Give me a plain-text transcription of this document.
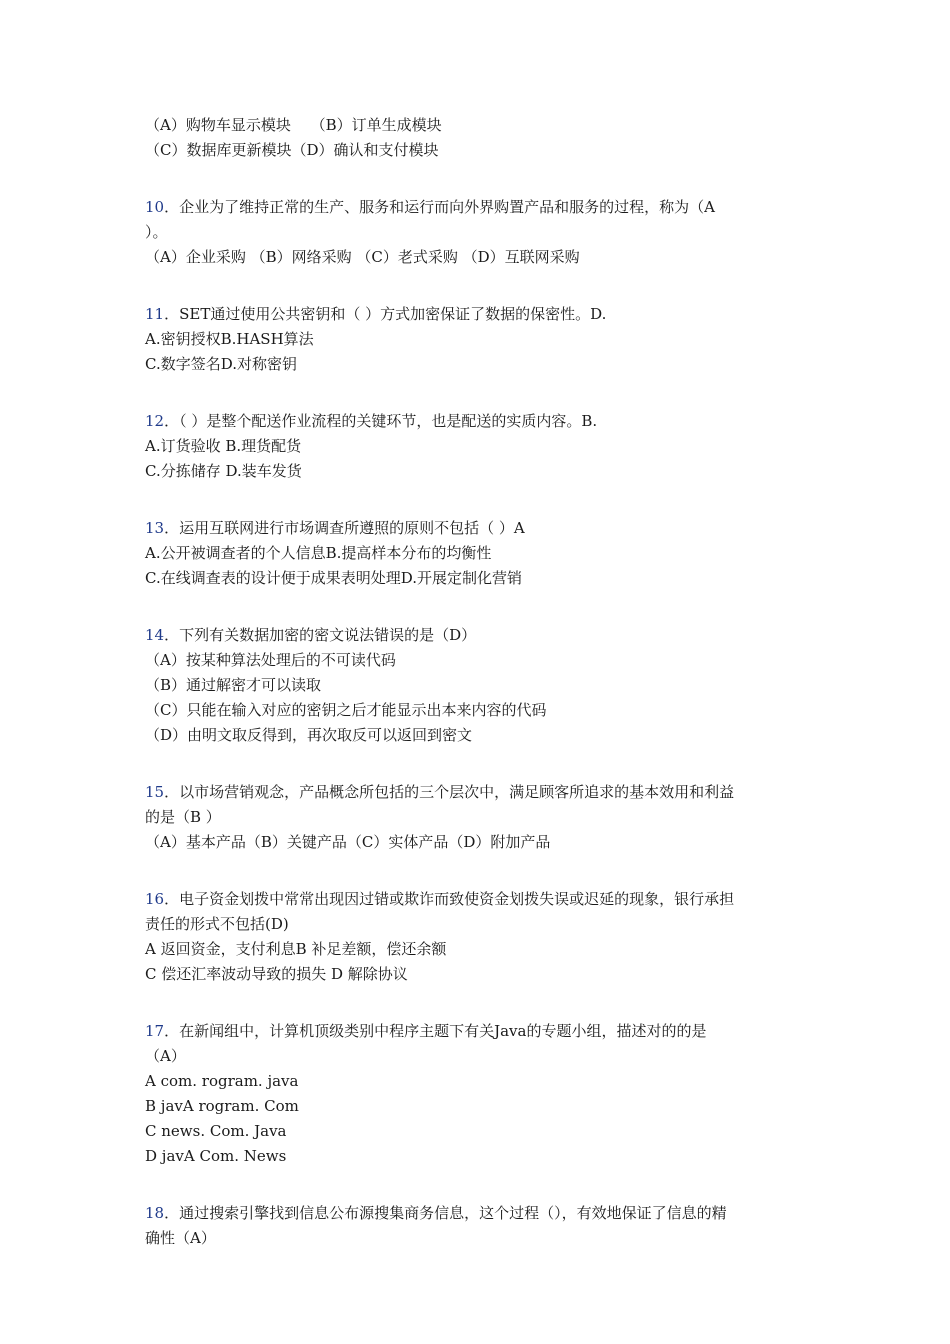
（A）购物车显示模块　 （B）订单生成模块
（C）数据库更新模块（D）确认和支付模块
10．企业为了维持正常的生产、服务和运行而向外界购置产品和服务的过程，称为（A
）。
（A）企业采购 （B）网络采购 （C）老式采购 （D）互联网采购
11．SET通过使用公共密钥和（ ）方式加密保证了数据的保密性。D.
A.密钥授权B.HASH算法
C.数字签名D.对称密钥
12．（ ）是整个配送作业流程的关键环节，也是配送的实质内容。B.
A.订货验收 B.理货配货
C.分拣储存 D.装车发货
13．运用互联网进行市场调查所遵照的原则不包括（ ）A
A.公开被调查者的个人信息B.提高样本分布的均衡性
C.在线调查表的设计便于成果表明处理D.开展定制化营销
14．下列有关数据加密的密文说法错误的是（D）
（A）按某种算法处理后的不可读代码
（B）通过解密才可以读取
（C）只能在输入对应的密钥之后才能显示出本来内容的代码
（D）由明文取反得到，再次取反可以返回到密文
15．以市场营销观念，产品概念所包括的三个层次中，满足顾客所追求的基本效用和利益
的是（B ）
（A）基本产品（B）关键产品（C）实体产品（D）附加产品
16．电子资金划拨中常常出现因过错或欺诈而致使资金划拨失误或迟延的现象，银行承担
责任的形式不包括(D)
A 返回资金，支付利息B 补足差额，偿还余额
C 偿还汇率波动导致的损失 D 解除协议
17．在新闻组中，计算机顶级类别中程序主题下有关Java的专题小组，描述对的的是
（A）
A com. rogram. java
B javA rogram. Com
C news. Com. Java
D javA Com. News
18．通过搜索引擎找到信息公布源搜集商务信息，这个过程（），有效地保证了信息的精
确性（A）
